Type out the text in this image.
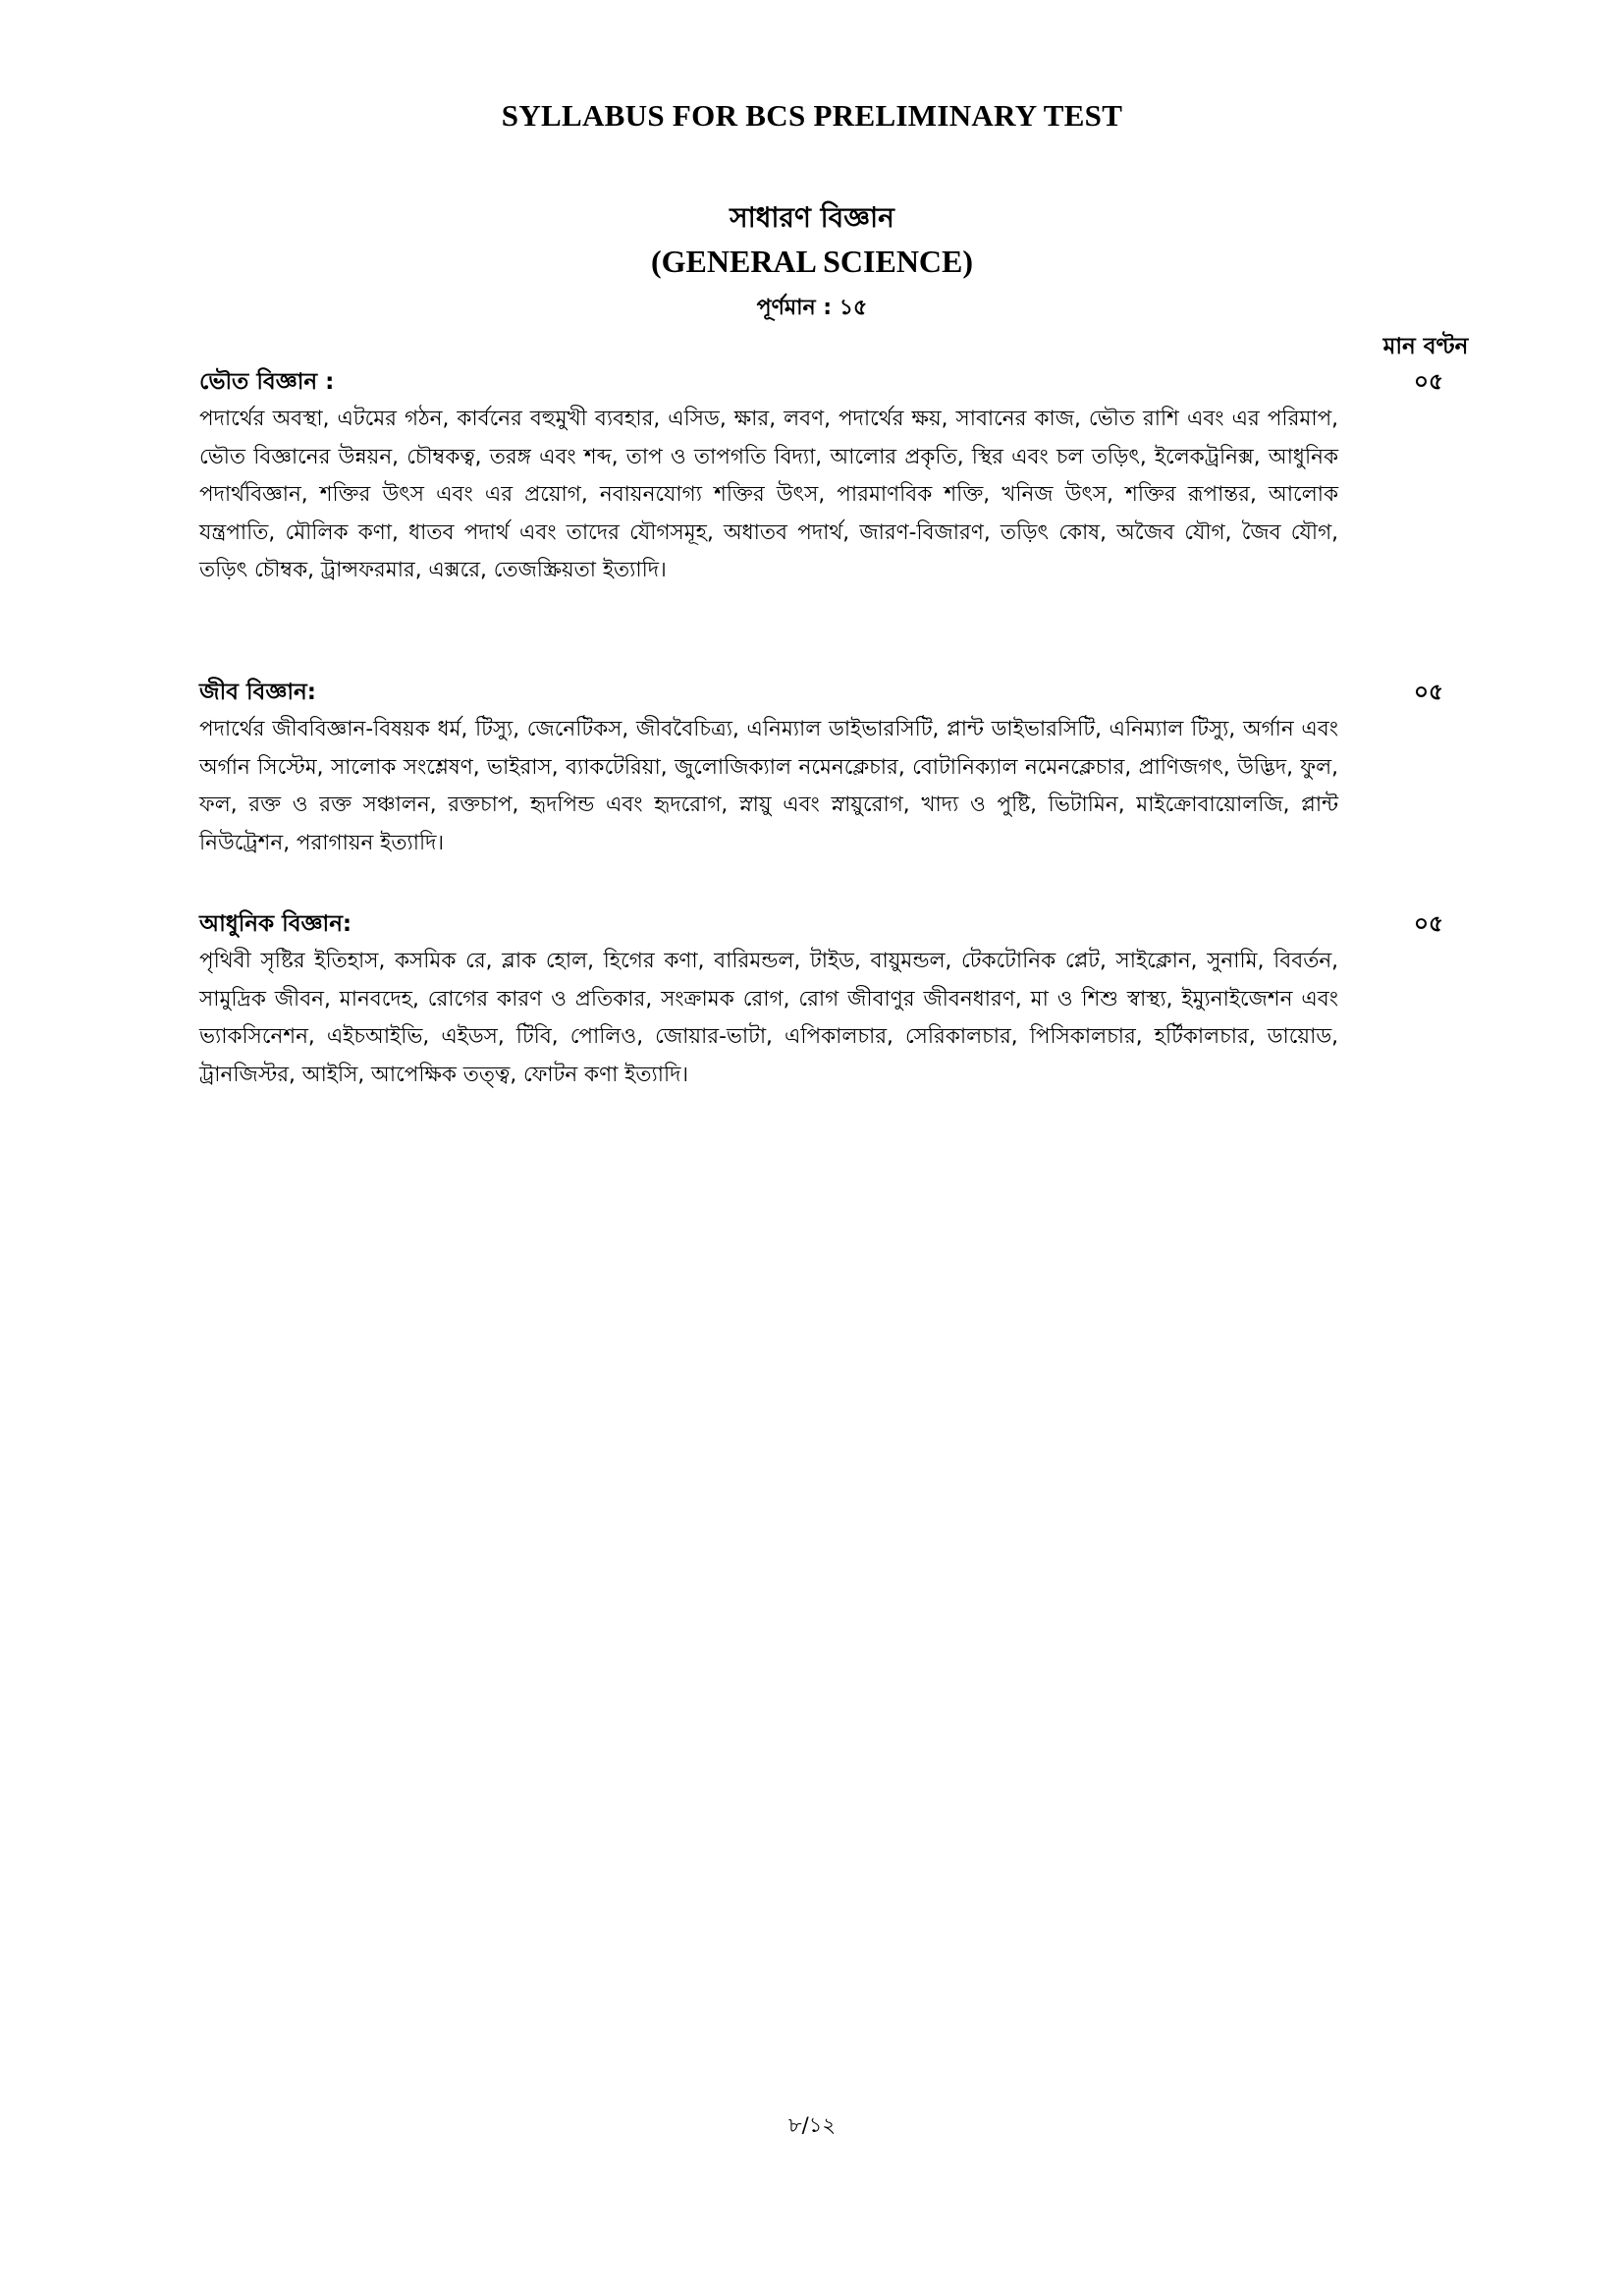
SYLLABUS FOR BCS PRELIMINARY TEST
সাধারণ বিজ্ঞান
(GENERAL SCIENCE)
পূর্ণমান : ১৫
মান বণ্টন
ভৌত বিজ্ঞান :

পদার্থের অবস্থা, এটমের গঠন, কার্বনের বহুমুখী ব্যবহার, এসিড, ক্ষার, লবণ, পদার্থের ক্ষয়, সাবানের কাজ, ভৌত রাশি এবং এর পরিমাপ, ভৌত বিজ্ঞানের উন্নয়ন, চৌম্বকত্ব, তরঙ্গ এবং শব্দ, তাপ ও তাপগতি বিদ্যা, আলোর প্রকৃতি, স্থির এবং চল তড়িৎ, ইলেকট্রনিক্স, আধুনিক পদার্থবিজ্ঞান, শক্তির উৎস এবং এর প্রয়োগ, নবায়নযোগ্য শক্তির উৎস, পারমাণবিক শক্তি, খনিজ উৎস, শক্তির রূপান্তর, আলোক যন্ত্রপাতি, মৌলিক কণা, ধাতব পদার্থ এবং তাদের যৌগসমূহ, অধাতব পদার্থ, জারণ-বিজারণ, তড়িৎ কোষ, অজৈব যৌগ, জৈব যৌগ, তড়িৎ চৌম্বক, ট্রান্সফরমার, এক্সরে, তেজস্ক্রিয়তা ইত্যাদি।

০৫
জীব বিজ্ঞান:

পদার্থের জীববিজ্ঞান-বিষয়ক ধর্ম, টিস্যু, জেনেটিকস, জীববৈচিত্র্য, এনিম্যাল ডাইভারসিটি, প্লান্ট ডাইভারসিটি, এনিম্যাল টিস্যু, অর্গান এবং অর্গান সিস্টেম, সালোক সংশ্লেষণ, ভাইরাস, ব্যাকটেরিয়া, জুলোজিক্যাল নমেনক্লেচার, বোটানিক্যাল নমেনক্লেচার, প্রাণিজগৎ, উদ্ভিদ, ফুল, ফল, রক্ত ও রক্ত সঞ্চালন, রক্তচাপ, হৃদপিন্ড এবং হৃদরোগ, স্নায়ু এবং স্নায়ুরোগ, খাদ্য ও পুষ্টি, ভিটামিন, মাইক্রোবায়োলজি, প্লান্ট নিউট্রেশন, পরাগায়ন ইত্যাদি।

০৫
আধুনিক বিজ্ঞান:

পৃথিবী সৃষ্টির ইতিহাস, কসমিক রে, ব্লাক হোল, হিগের কণা, বারিমন্ডল, টাইড, বায়ুমন্ডল, টেকটোনিক প্লেট, সাইক্লোন, সুনামি, বিবর্তন, সামুদ্রিক জীবন, মানবদেহ, রোগের কারণ ও প্রতিকার, সংক্রামক রোগ, রোগ জীবাণুর জীবনধারণ, মা ও শিশু স্বাস্থ্য, ইম্যুনাইজেশন এবং ভ্যাকসিনেশন, এইচআইভি, এইডস, টিবি, পোলিও, জোয়ার-ভাটা, এপিকালচার, সেরিকালচার, পিসিকালচার, হর্টিকালচার, ডায়োড, ট্রানজিস্টর, আইসি, আপেক্ষিক তত্ত্ব, ফোটন কণা ইত্যাদি।

০৫
৮/১২
